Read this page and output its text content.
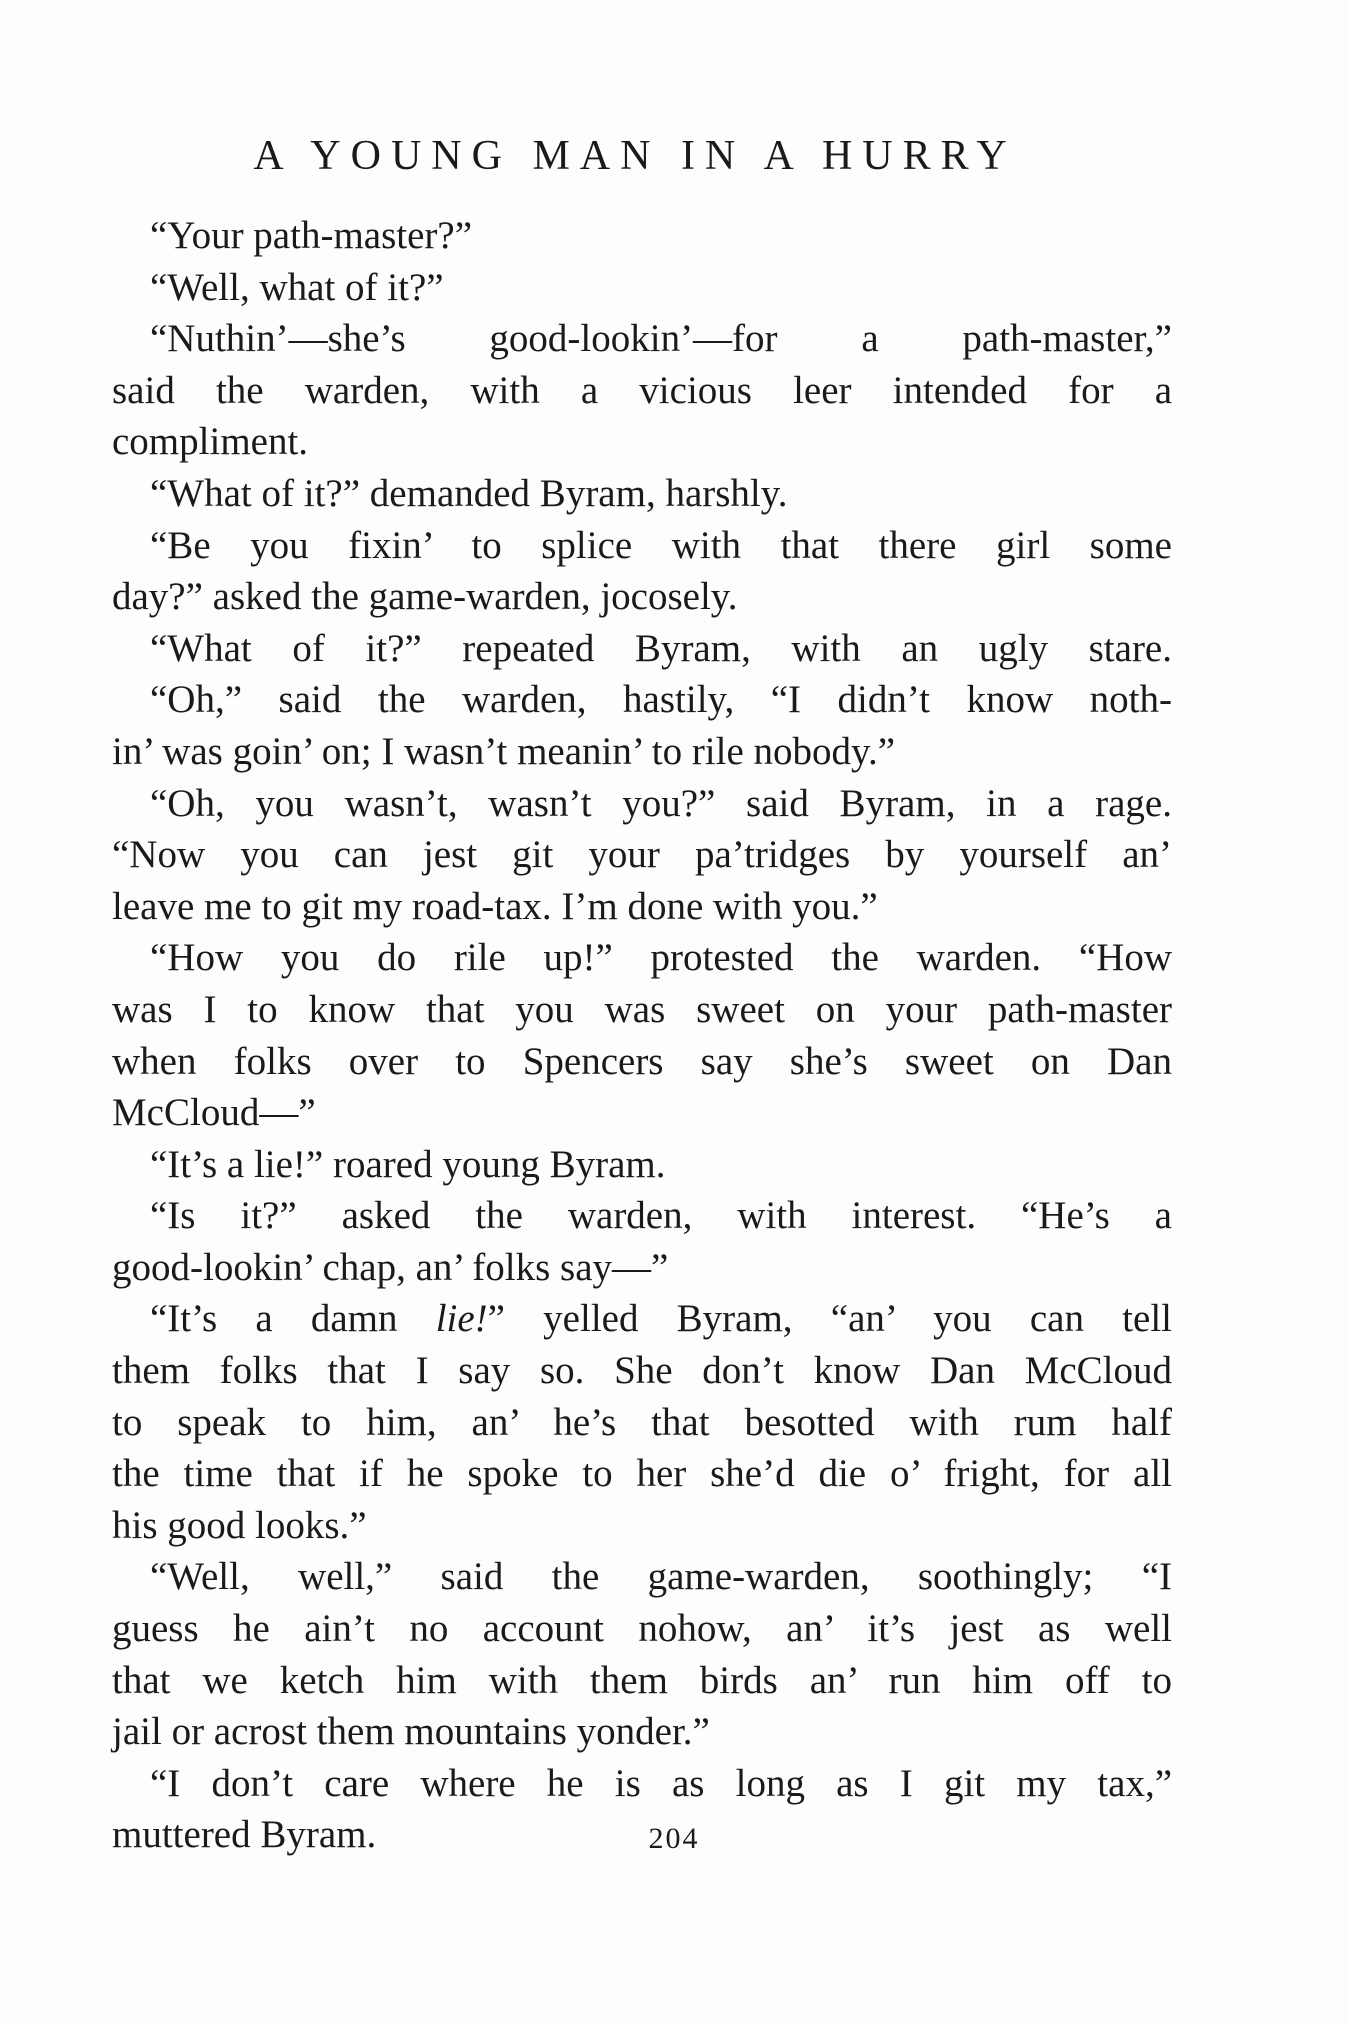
A YOUNG MAN IN A HURRY
“Your path-master?”
“Well, what of it?”
“Nuthin’—she’s good-lookin’—for a path-master,”
said the warden, with a vicious leer intended for a
compliment.
“What of it?” demanded Byram, harshly.
“Be you fixin’ to splice with that there girl some
day?” asked the game-warden, jocosely.
“What of it?” repeated Byram, with an ugly stare.
“Oh,” said the warden, hastily, “I didn’t know noth-
in’ was goin’ on; I wasn’t meanin’ to rile nobody.”
“Oh, you wasn’t, wasn’t you?” said Byram, in a rage.
“Now you can jest git your pa’tridges by yourself an’
leave me to git my road-tax. I’m done with you.”
“How you do rile up!” protested the warden. “How
was I to know that you was sweet on your path-master
when folks over to Spencers say she’s sweet on Dan
McCloud—”
“It’s a lie!” roared young Byram.
“Is it?” asked the warden, with interest. “He’s a
good-lookin’ chap, an’ folks say—”
“It’s a damn lie!” yelled Byram, “an’ you can tell
them folks that I say so. She don’t know Dan McCloud
to speak to him, an’ he’s that besotted with rum half
the time that if he spoke to her she’d die o’ fright, for all
his good looks.”
“Well, well,” said the game-warden, soothingly; “I
guess he ain’t no account nohow, an’ it’s jest as well
that we ketch him with them birds an’ run him off to
jail or acrost them mountains yonder.”
“I don’t care where he is as long as I git my tax,”
muttered Byram.	204
